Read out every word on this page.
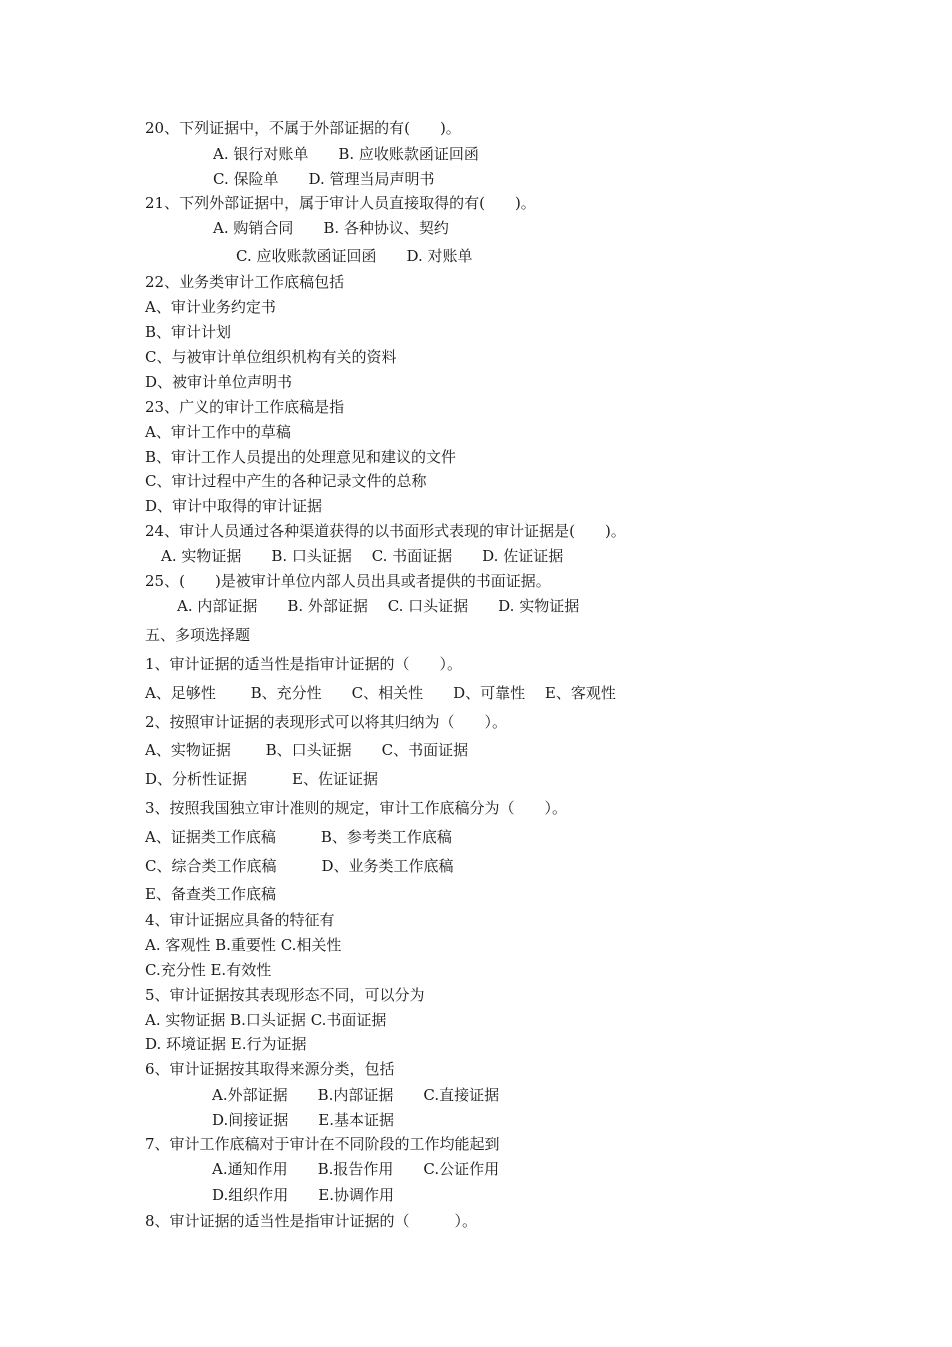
20、下列证据中，不属于外部证据的有(　　)。
A. 银行对账单　　B. 应收账款函证回函
C. 保险单　　D. 管理当局声明书
21、下列外部证据中，属于审计人员直接取得的有(　　)。
A. 购销合同　　B. 各种协议、契约
C. 应收账款函证回函　　D. 对账单
22、业务类审计工作底稿包括
A、审计业务约定书
B、审计计划
C、与被审计单位组织机构有关的资料
D、被审计单位声明书
23、广义的审计工作底稿是指
A、审计工作中的草稿
B、审计工作人员提出的处理意见和建议的文件
C、审计过程中产生的各种记录文件的总称
D、审计中取得的审计证据
24、审计人员通过各种渠道获得的以书面形式表现的审计证据是(　　)。
A. 实物证据　　B. 口头证据　 C. 书面证据　　D. 佐证证据
25、(　　)是被审计单位内部人员出具或者提供的书面证据。
A. 内部证据　　B. 外部证据　 C. 口头证据　　D. 实物证据
五、多项选择题
1、审计证据的适当性是指审计证据的（　　）。
A、足够性　　 B、充分性　　C、相关性　　D、可靠性　 E、客观性
2、按照审计证据的表现形式可以将其归纳为（　　）。
A、实物证据　　 B、口头证据　　C、书面证据
D、分析性证据　　　E、佐证证据
3、按照我国独立审计准则的规定，审计工作底稿分为（　　）。
A、证据类工作底稿　　　B、参考类工作底稿
C、综合类工作底稿　　　D、业务类工作底稿
E、备查类工作底稿
4、审计证据应具备的特征有
A. 客观性 B.重要性 C.相关性
C.充分性 E.有效性
5、审计证据按其表现形态不同，可以分为
A. 实物证据 B.口头证据 C.书面证据
D. 环境证据 E.行为证据
6、审计证据按其取得来源分类，包括
A.外部证据　　B.内部证据　　C.直接证据
D.间接证据　　E.基本证据
7、审计工作底稿对于审计在不同阶段的工作均能起到
A.通知作用　　B.报告作用　　C.公证作用
D.组织作用　　E.协调作用
8、审计证据的适当性是指审计证据的（　　　）。
